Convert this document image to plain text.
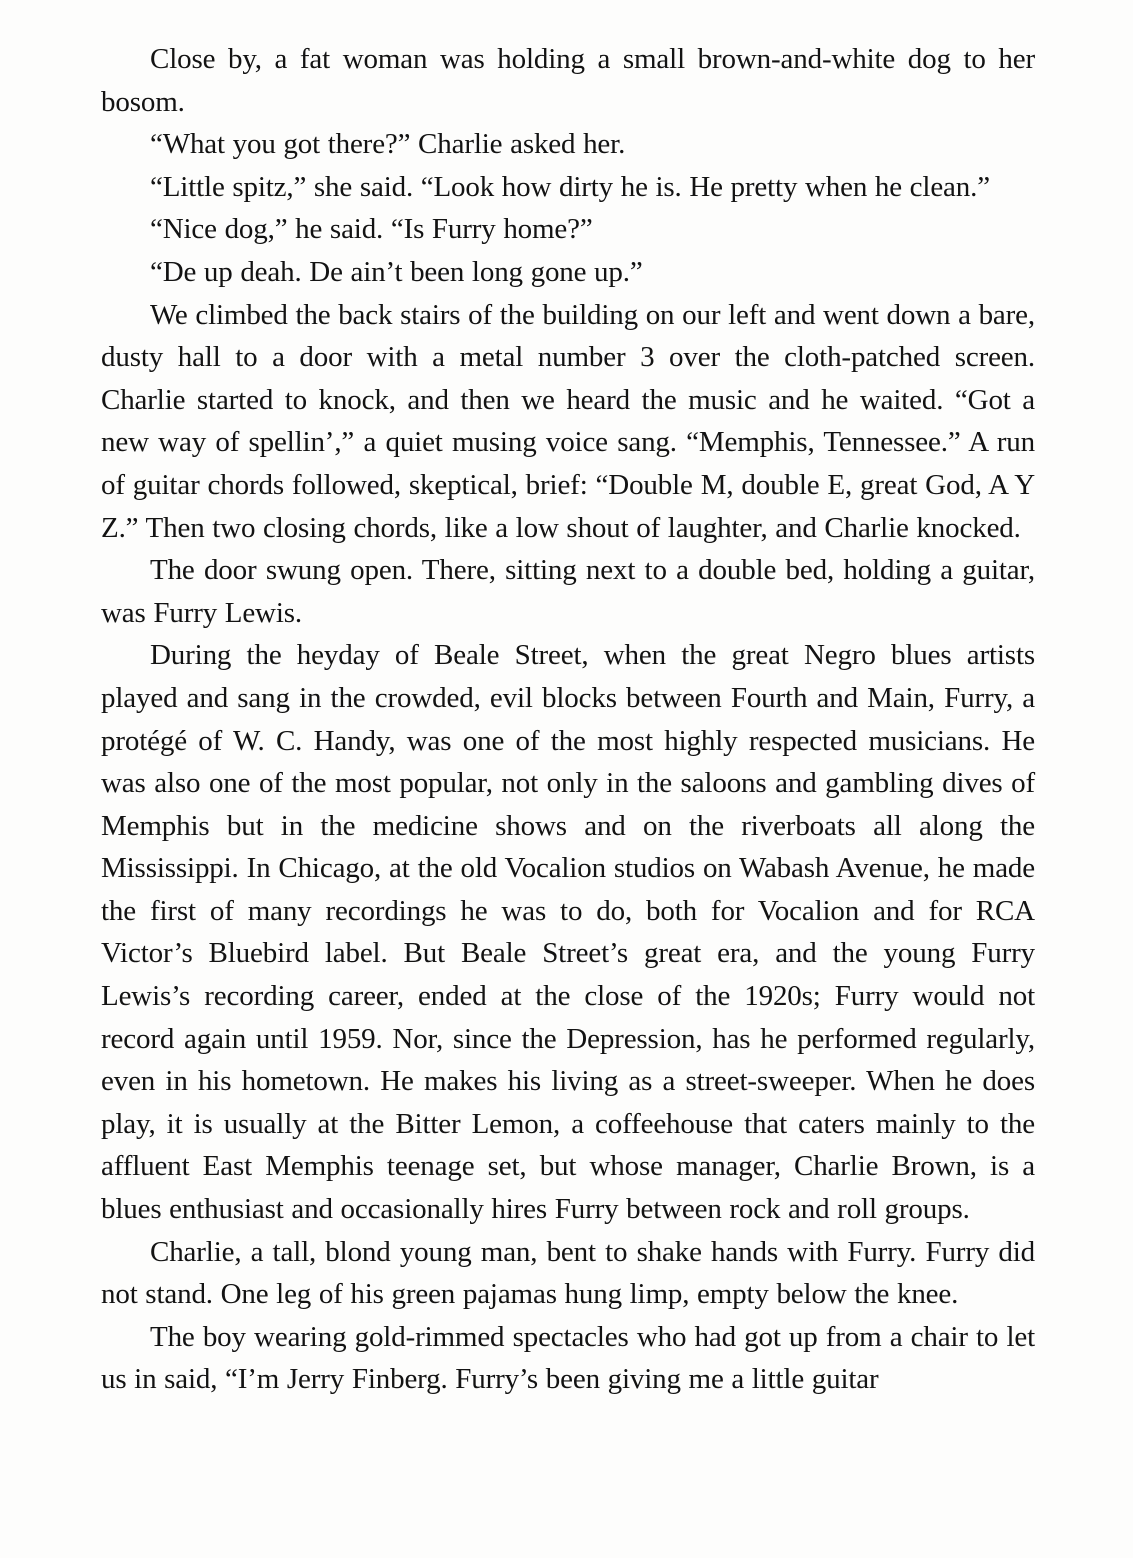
Close by, a fat woman was holding a small brown-and-white dog to her bosom.

“What you got there?” Charlie asked her.

“Little spitz,” she said. “Look how dirty he is. He pretty when he clean.”

“Nice dog,” he said. “Is Furry home?”

“De up deah. De ain’t been long gone up.”

We climbed the back stairs of the building on our left and went down a bare, dusty hall to a door with a metal number 3 over the cloth-patched screen. Charlie started to knock, and then we heard the music and he waited. “Got a new way of spellin’,” a quiet musing voice sang. “Memphis, Tennessee.” A run of guitar chords followed, skeptical, brief: “Double M, double E, great God, A Y Z.” Then two closing chords, like a low shout of laughter, and Charlie knocked.

The door swung open. There, sitting next to a double bed, holding a guitar, was Furry Lewis.

During the heyday of Beale Street, when the great Negro blues artists played and sang in the crowded, evil blocks between Fourth and Main, Furry, a protégé of W. C. Handy, was one of the most highly respected musicians. He was also one of the most popular, not only in the saloons and gambling dives of Memphis but in the medicine shows and on the riverboats all along the Mississippi. In Chicago, at the old Vocalion studios on Wabash Avenue, he made the first of many recordings he was to do, both for Vocalion and for RCA Victor’s Bluebird label. But Beale Street’s great era, and the young Furry Lewis’s recording career, ended at the close of the 1920s; Furry would not record again until 1959. Nor, since the Depression, has he performed regularly, even in his hometown. He makes his living as a street-sweeper. When he does play, it is usually at the Bitter Lemon, a coffeehouse that caters mainly to the affluent East Memphis teenage set, but whose manager, Charlie Brown, is a blues enthusiast and occasionally hires Furry between rock and roll groups.

Charlie, a tall, blond young man, bent to shake hands with Furry. Furry did not stand. One leg of his green pajamas hung limp, empty below the knee.

The boy wearing gold-rimmed spectacles who had got up from a chair to let us in said, “I’m Jerry Finberg. Furry’s been giving me a little guitar
